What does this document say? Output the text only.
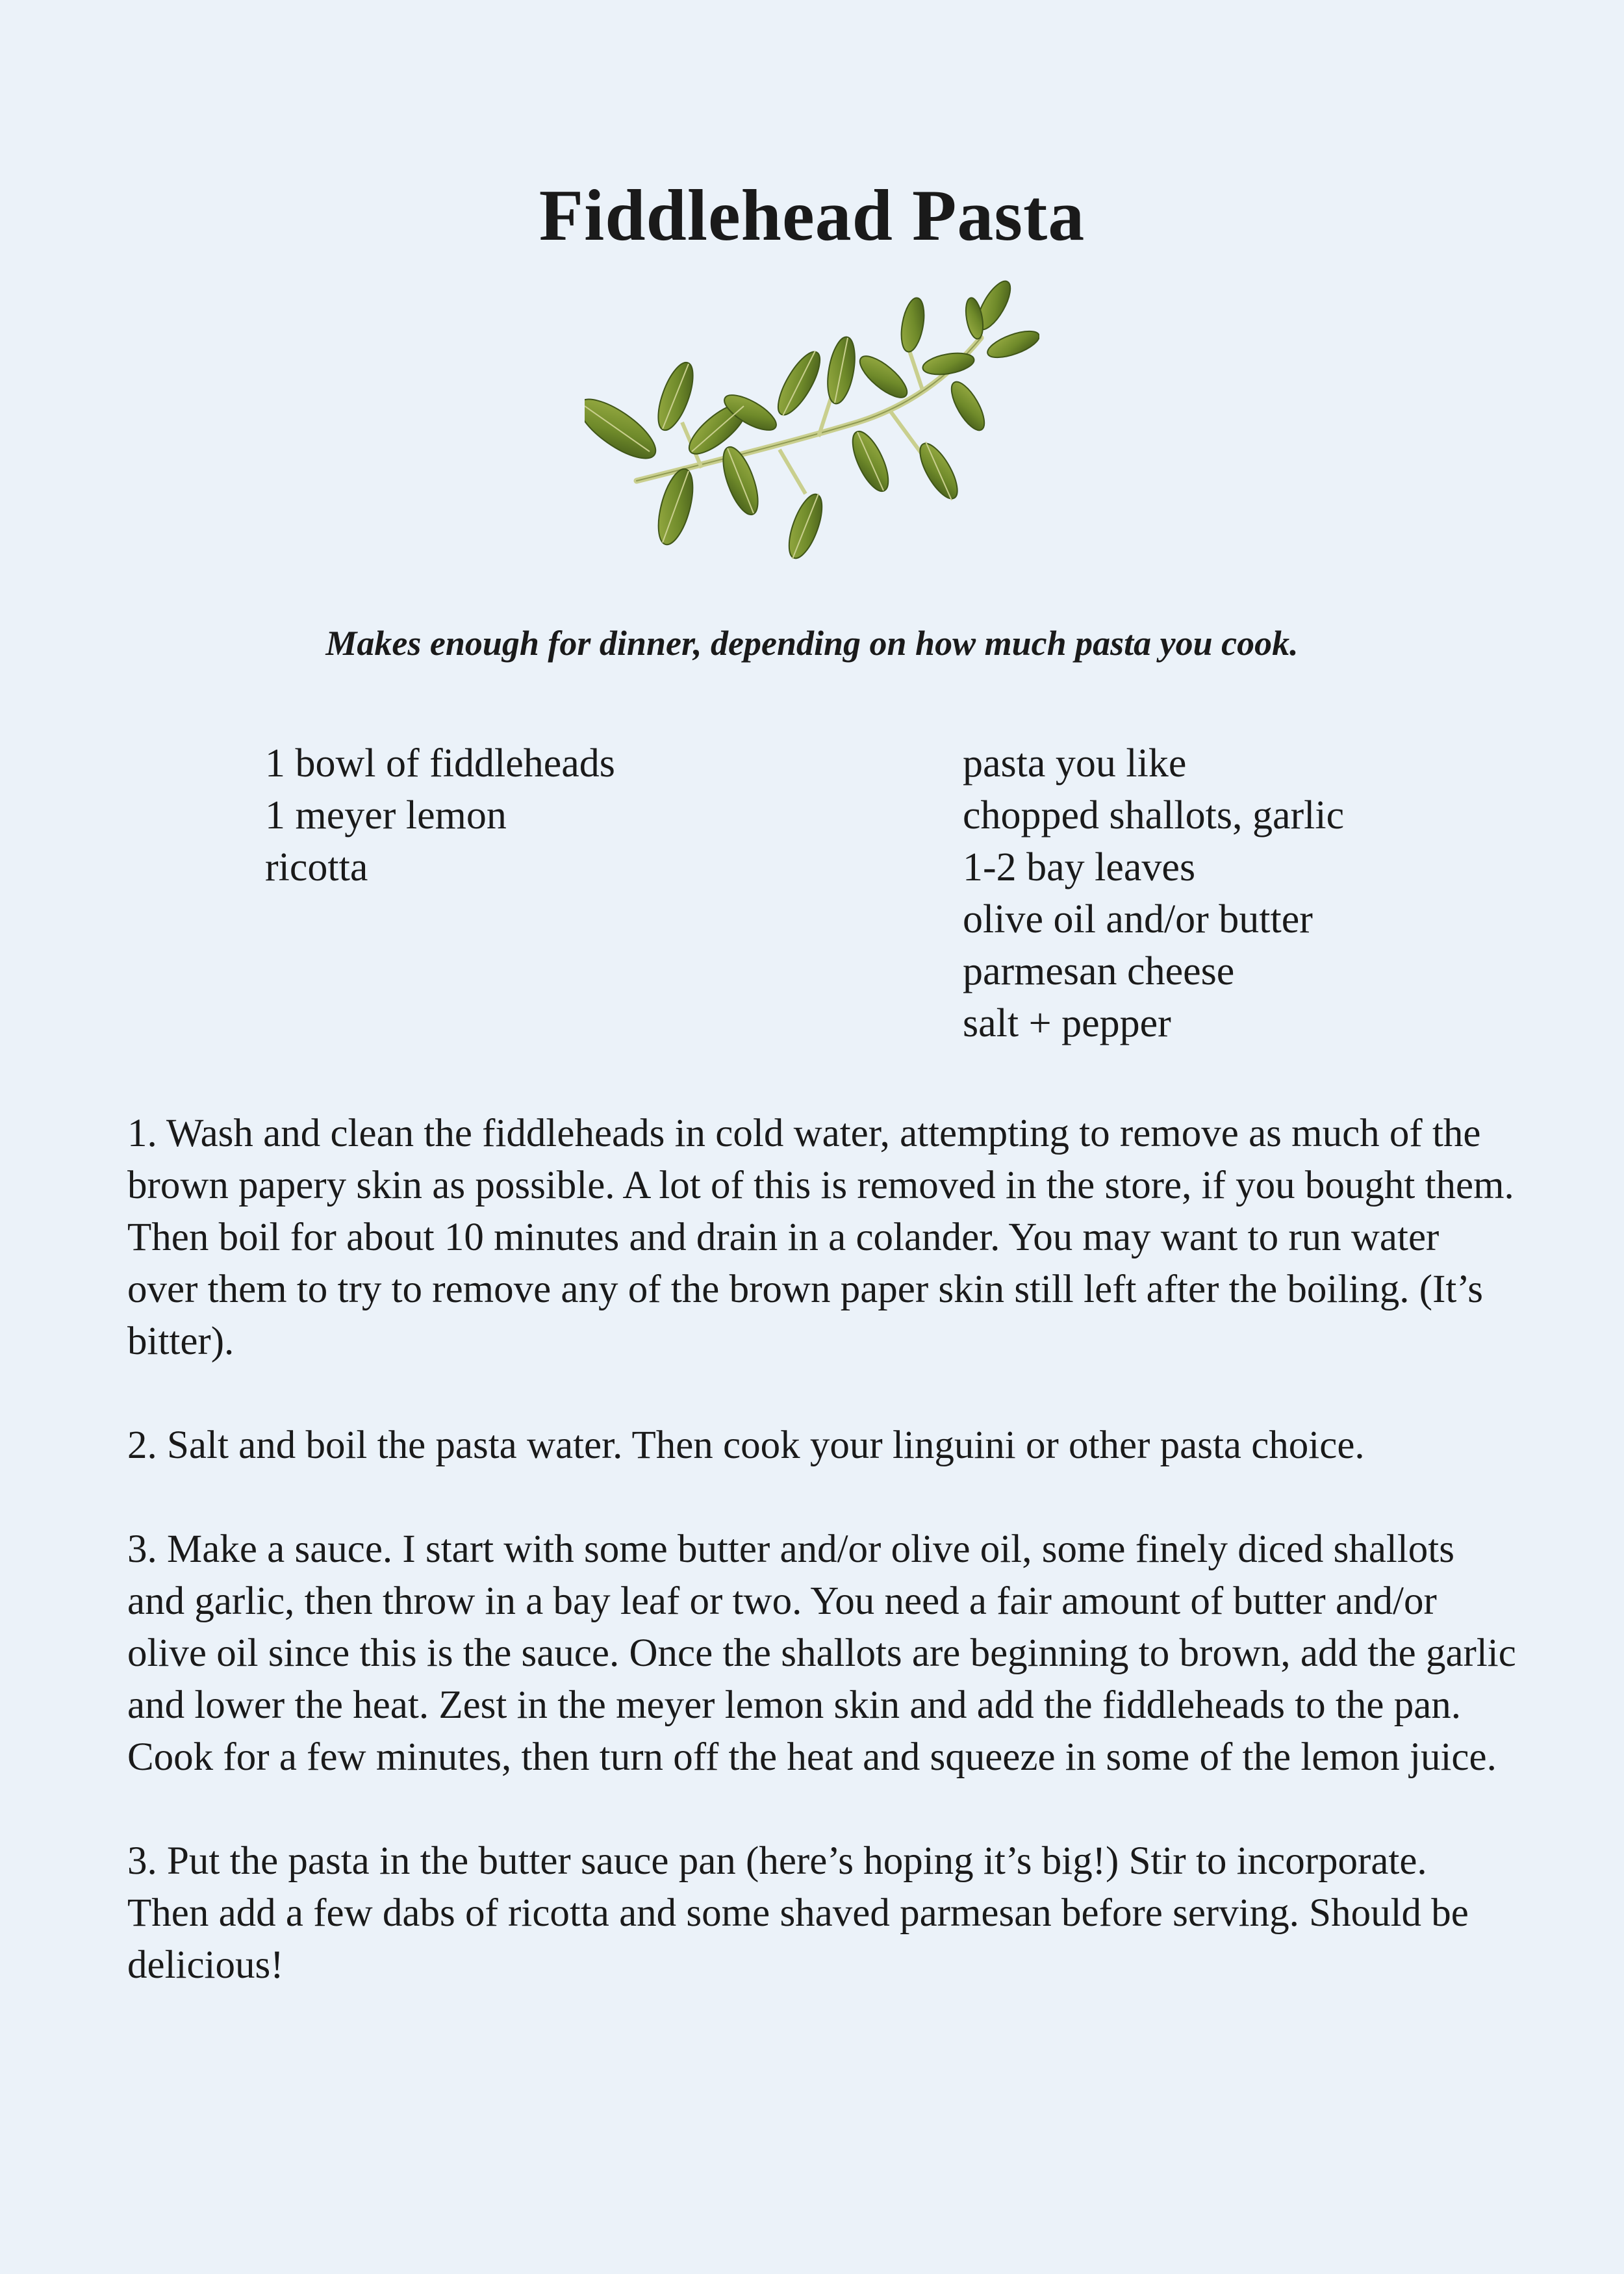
Fiddlehead Pasta

Makes enough for dinner, depending on how much pasta you cook.

1 bowl of fiddleheads
1 meyer lemon
ricotta
pasta you like
chopped shallots, garlic
1-2 bay leaves
olive oil and/or butter
parmesan cheese
salt + pepper

1. Wash and clean the fiddleheads in cold water, attempting to remove as much of the brown papery skin as possible. A lot of this is removed in the store, if you bought them. Then boil for about 10 minutes and drain in a colander. You may want to run water over them to try to remove any of the brown paper skin still left after the boiling. (It’s bitter).

2. Salt and boil the pasta water. Then cook your linguini or other pasta choice.

3. Make a sauce. I start with some butter and/or olive oil, some finely diced shallots and garlic, then throw in a bay leaf or two. You need a fair amount of butter and/or olive oil since this is the sauce. Once the shallots are beginning to brown, add the garlic and lower the heat. Zest in the meyer lemon skin and add the fiddleheads to the pan. Cook for a few minutes, then turn off the heat and squeeze in some of the lemon juice.

3. Put the pasta in the butter sauce pan (here’s hoping it’s big!) Stir to incorporate. Then add a few dabs of ricotta and some shaved parmesan before serving. Should be delicious!
